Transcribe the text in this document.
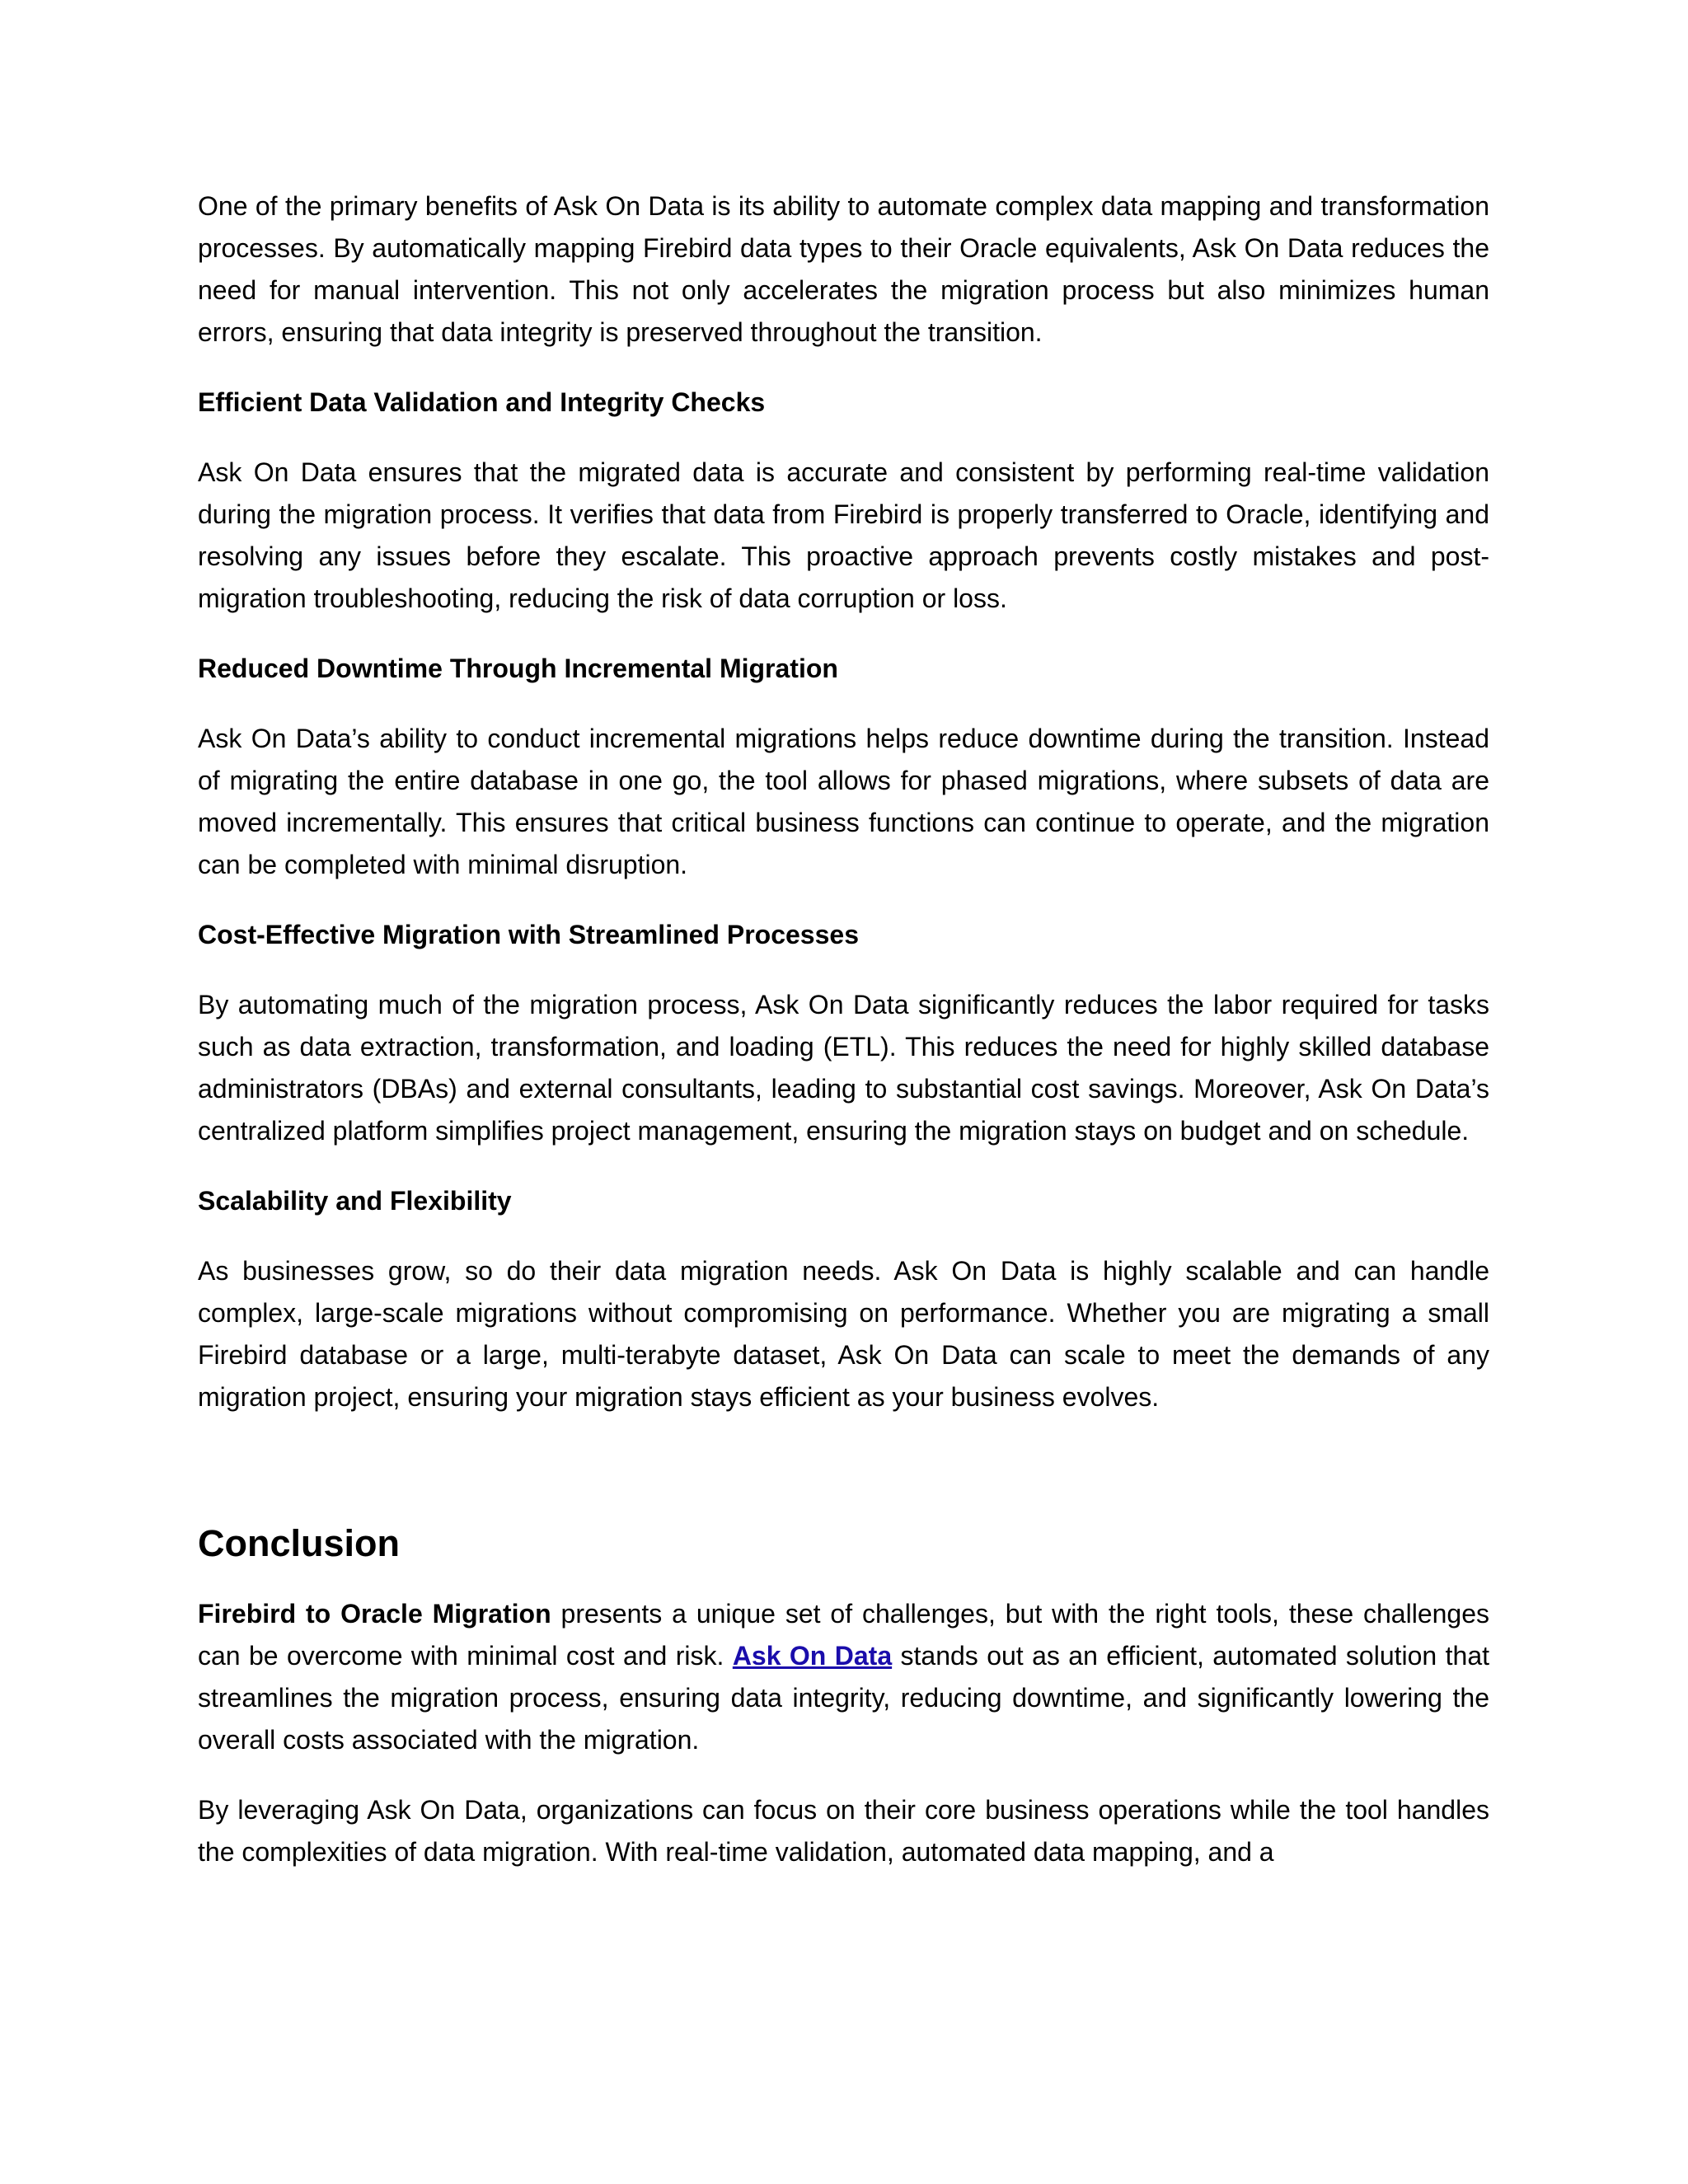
One of the primary benefits of Ask On Data is its ability to automate complex data mapping and transformation processes. By automatically mapping Firebird data types to their Oracle equivalents, Ask On Data reduces the need for manual intervention. This not only accelerates the migration process but also minimizes human errors, ensuring that data integrity is preserved throughout the transition.

Efficient Data Validation and Integrity Checks

Ask On Data ensures that the migrated data is accurate and consistent by performing real-time validation during the migration process. It verifies that data from Firebird is properly transferred to Oracle, identifying and resolving any issues before they escalate. This proactive approach prevents costly mistakes and post-migration troubleshooting, reducing the risk of data corruption or loss.

Reduced Downtime Through Incremental Migration

Ask On Data’s ability to conduct incremental migrations helps reduce downtime during the transition. Instead of migrating the entire database in one go, the tool allows for phased migrations, where subsets of data are moved incrementally. This ensures that critical business functions can continue to operate, and the migration can be completed with minimal disruption.

Cost-Effective Migration with Streamlined Processes

By automating much of the migration process, Ask On Data significantly reduces the labor required for tasks such as data extraction, transformation, and loading (ETL). This reduces the need for highly skilled database administrators (DBAs) and external consultants, leading to substantial cost savings. Moreover, Ask On Data’s centralized platform simplifies project management, ensuring the migration stays on budget and on schedule.

Scalability and Flexibility

As businesses grow, so do their data migration needs. Ask On Data is highly scalable and can handle complex, large-scale migrations without compromising on performance. Whether you are migrating a small Firebird database or a large, multi-terabyte dataset, Ask On Data can scale to meet the demands of any migration project, ensuring your migration stays efficient as your business evolves.

Conclusion

Firebird to Oracle Migration presents a unique set of challenges, but with the right tools, these challenges can be overcome with minimal cost and risk. Ask On Data stands out as an efficient, automated solution that streamlines the migration process, ensuring data integrity, reducing downtime, and significantly lowering the overall costs associated with the migration.

By leveraging Ask On Data, organizations can focus on their core business operations while the tool handles the complexities of data migration. With real-time validation, automated data mapping, and a
